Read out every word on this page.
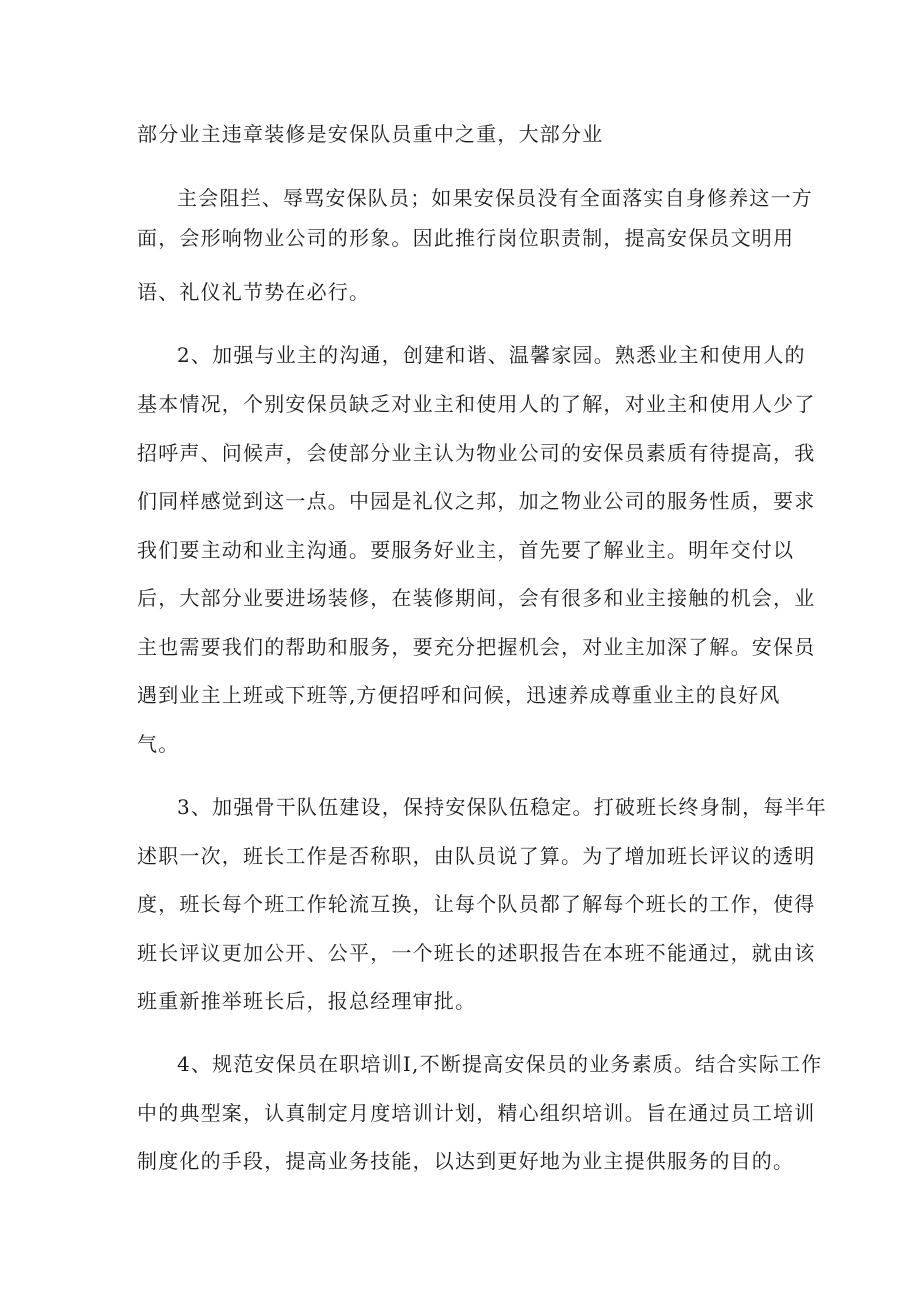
部分业主违章装修是安保队员重中之重，大部分业
主会阻拦、辱骂安保队员；如果安保员没有全面落实自身修养这一方
面，会形响物业公司的形象。因此推行岗位职责制，提高安保员文明用
语、礼仪礼节势在必行。
2、加强与业主的沟通，创建和谐、温馨家园。熟悉业主和使用人的
基本情况，个别安保员缺乏对业主和使用人的了解，对业主和使用人少了
招呼声、问候声，会使部分业主认为物业公司的安保员素质有待提高，我
们同样感觉到这一点。中园是礼仪之邦，加之物业公司的服务性质，要求
我们要主动和业主沟通。要服务好业主，首先要了解业主。明年交付以
后，大部分业要进场装修，在装修期间，会有很多和业主接触的机会，业
主也需要我们的帮助和服务，要充分把握机会，对业主加深了解。安保员
遇到业主上班或下班等,方便招呼和问候，迅速养成尊重业主的良好风
气。
3、加强骨干队伍建设，保持安保队伍稳定。打破班长终身制，每半年
述职一次，班长工作是否称职，由队员说了算。为了增加班长评议的透明
度，班长每个班工作轮流互换，让每个队员都了解每个班长的工作，使得
班长评议更加公开、公平，一个班长的述职报告在本班不能通过，就由该
班重新推举班长后，报总经理审批。
4、规范安保员在职培训I,不断提高安保员的业务素质。结合实际工作
中的典型案，认真制定月度培训计划，精心组织培训。旨在通过员工培训
制度化的手段，提高业务技能，以达到更好地为业主提供服务的目的。
